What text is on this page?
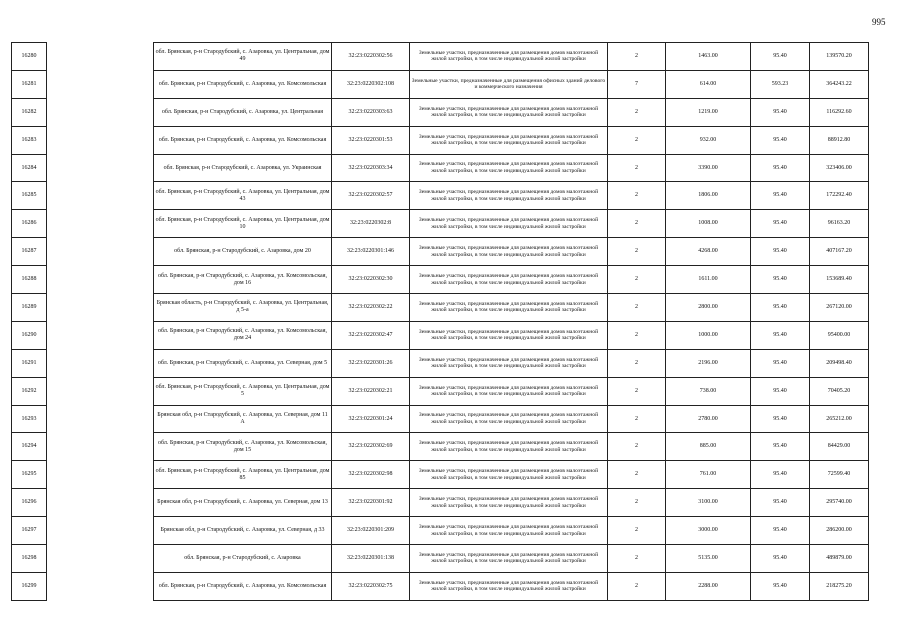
995
16280		обл. Брянская, р-н Стародубский, с. Азаровка, ул. Центральная, дом 49	32:23:0220302:56	Земельные участки, предназначенные для размещения домов малоэтажной жилой застройки, в том числе индивидуальной жилой застройки	2	1463.00	95.40	139570.20
16281		обл. Брянская, р-н Стародубский, с. Азаровка, ул. Комсомольская	32:23:0220302:108	Земельные участки, предназначенные для размещения офисных зданий делового и коммерческого назначения	7	614.00	593.23	364243.22
16282		обл. Брянская, р-н Стародубский, с. Азаровка, ул. Центральная	32:23:0220303:63	Земельные участки, предназначенные для размещения домов малоэтажной жилой застройки, в том числе индивидуальной жилой застройки	2	1219.00	95.40	116292.60
16283		обл. Брянская, р-н Стародубский, с. Азаровка, ул. Комсомольская	32:23:0220301:53	Земельные участки, предназначенные для размещения домов малоэтажной жилой застройки, в том числе индивидуальной жилой застройки	2	932.00	95.40	88912.80
16284		обл. Брянская, р-н Стародубский, с. Азаровка, ул. Украинская	32:23:0220303:34	Земельные участки, предназначенные для размещения домов малоэтажной жилой застройки, в том числе индивидуальной жилой застройки	2	3390.00	95.40	323406.00
16285		обл. Брянская, р-н Стародубский, с. Азаровка, ул. Центральная, дом 43	32:23:0220302:57	Земельные участки, предназначенные для размещения домов малоэтажной жилой застройки, в том числе индивидуальной жилой застройки	2	1806.00	95.40	172292.40
16286		обл. Брянская, р-н Стародубский, с. Азаровка, ул. Центральная, дом 10	32:23:0220302:8	Земельные участки, предназначенные для размещения домов малоэтажной жилой застройки, в том числе индивидуальной жилой застройки	2	1008.00	95.40	96163.20
16287		обл. Брянская, р-н Стародубский, с. Азаровка, дом 20	32:23:0220301:146	Земельные участки, предназначенные для размещения домов малоэтажной жилой застройки, в том числе индивидуальной жилой застройки	2	4268.00	95.40	407167.20
16288		обл. Брянская, р-н Стародубский, с. Азаровка, ул. Комсомольская, дом 16	32:23:0220302:30	Земельные участки, предназначенные для размещения домов малоэтажной жилой застройки, в том числе индивидуальной жилой застройки	2	1611.00	95.40	153689.40
16289		Брянская область, р-н Стародубский, с. Азаровка, ул. Центральная, д 5-а	32:23:0220302:22	Земельные участки, предназначенные для размещения домов малоэтажной жилой застройки, в том числе индивидуальной жилой застройки	2	2800.00	95.40	267120.00
16290		обл. Брянская, р-н Стародубский, с. Азаровка, ул. Комсомольская, дом 24	32:23:0220302:47	Земельные участки, предназначенные для размещения домов малоэтажной жилой застройки, в том числе индивидуальной жилой застройки	2	1000.00	95.40	95400.00
16291		обл. Брянская, р-н Стародубский, с. Азаровка, ул. Северная, дом 5	32:23:0220301:26	Земельные участки, предназначенные для размещения домов малоэтажной жилой застройки, в том числе индивидуальной жилой застройки	2	2196.00	95.40	209498.40
16292		обл. Брянская, р-н Стародубский, с. Азаровка, ул. Центральная, дом 5	32:23:0220302:21	Земельные участки, предназначенные для размещения домов малоэтажной жилой застройки, в том числе индивидуальной жилой застройки	2	738.00	95.40	70405.20
16293		Брянская обл, р-н Стародубский, с. Азаровка, ул. Северная, дом 11 А	32:23:0220301:24	Земельные участки, предназначенные для размещения домов малоэтажной жилой застройки, в том числе индивидуальной жилой застройки	2	2780.00	95.40	265212.00
16294		обл. Брянская, р-н Стародубский, с. Азаровка, ул. Комсомольская, дом 15	32:23:0220302:69	Земельные участки, предназначенные для размещения домов малоэтажной жилой застройки, в том числе индивидуальной жилой застройки	2	885.00	95.40	84429.00
16295		обл. Брянская, р-н Стародубский, с. Азаровка, ул. Центральная, дом 85	32:23:0220302:98	Земельные участки, предназначенные для размещения домов малоэтажной жилой застройки, в том числе индивидуальной жилой застройки	2	761.00	95.40	72599.40
16296		Брянская обл, р-н Стародубский, с. Азаровка, ул. Северная, дом 13	32:23:0220301:92	Земельные участки, предназначенные для размещения домов малоэтажной жилой застройки, в том числе индивидуальной жилой застройки	2	3100.00	95.40	295740.00
16297		Брянская обл, р-н Стародубский, с. Азаровка, ул. Северная, д 33	32:23:0220301:209	Земельные участки, предназначенные для размещения домов малоэтажной жилой застройки, в том числе индивидуальной жилой застройки	2	3000.00	95.40	286200.00
16298		обл. Брянская, р-н Стародубский, с. Азаровка	32:23:0220301:138	Земельные участки, предназначенные для размещения домов малоэтажной жилой застройки, в том числе индивидуальной жилой застройки	2	5135.00	95.40	489879.00
16299		обл. Брянская, р-н Стародубский, с. Азаровка, ул. Комсомольская	32:23:0220302:75	Земельные участки, предназначенные для размещения домов малоэтажной жилой застройки, в том числе индивидуальной жилой застройки	2	2288.00	95.40	218275.20
